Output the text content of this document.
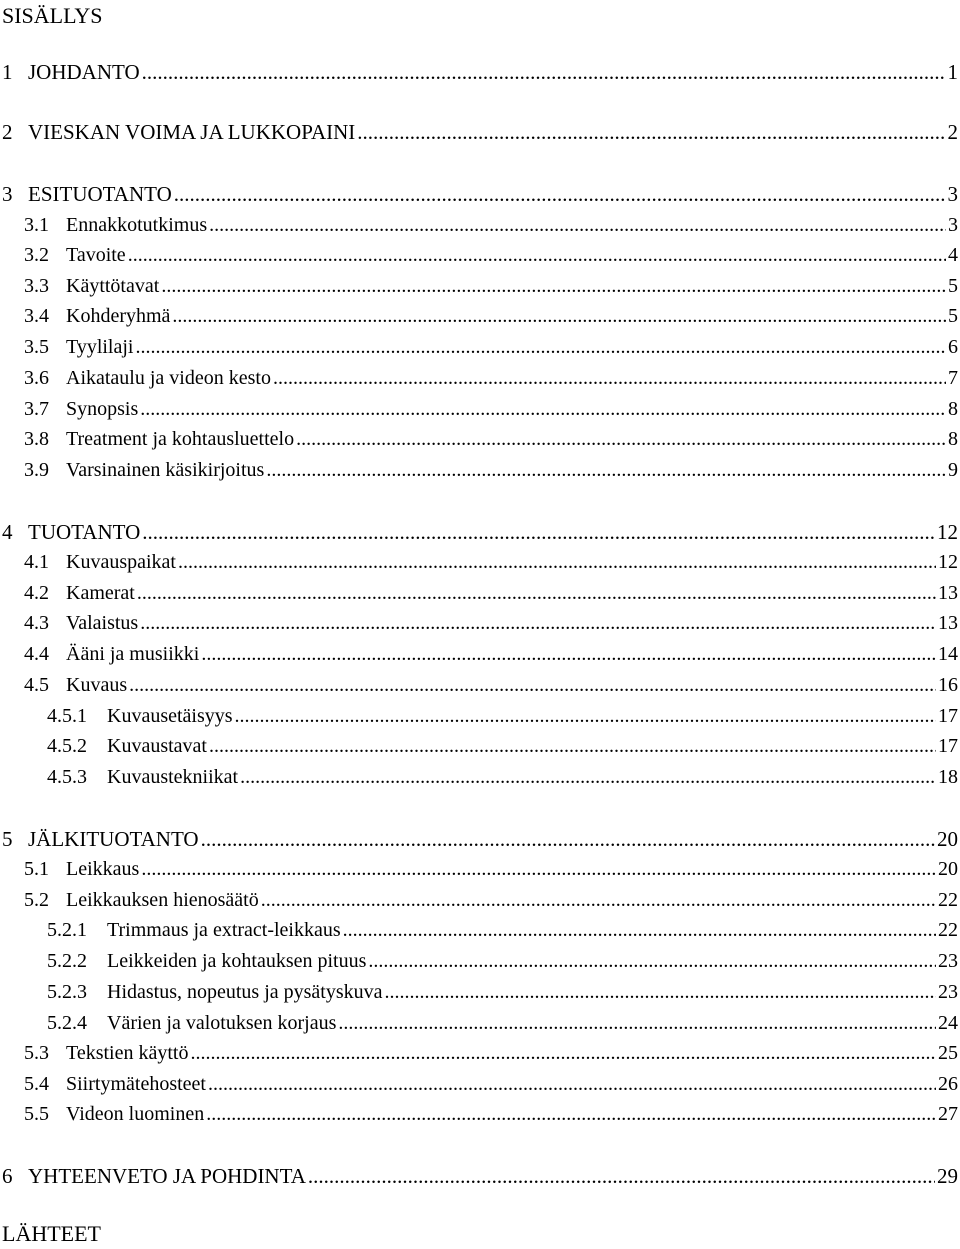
SISÄLLYS
1 JOHDANTO .....	1
2 VIESKAN VOIMA JA LUKKOPAINI .....	2
3 ESITUOTANTO .....	3
3.1 Ennakkotutkimus .....	3
3.2 Tavoite .....	4
3.3 Käyttötavat .....	5
3.4 Kohderyhmä .....	5
3.5 Tyylilaji .....	6
3.6 Aikataulu ja videon kesto .....	7
3.7 Synopsis .....	8
3.8 Treatment ja kohtausluettelo .....	8
3.9 Varsinainen käsikirjoitus .....	9
4 TUOTANTO .....	12
4.1 Kuvauspaikat .....	12
4.2 Kamerat .....	13
4.3 Valaistus .....	13
4.4 Ääni ja musiikki .....	14
4.5 Kuvaus .....	16
4.5.1	Kuvausetäisyys .....	17
4.5.2	Kuvaustavat .....	17
4.5.3	Kuvaustekniikat .....	18
5 JÄLKITUOTANTO .....	20
5.1 Leikkaus .....	20
5.2 Leikkauksen hienosäätö .....	22
5.2.1	Trimmaus ja extract-leikkaus .....	22
5.2.2	Leikkeiden ja kohtauksen pituus .....	23
5.2.3	Hidastus, nopeutus ja pysätyskuva .....	23
5.2.4	Värien ja valotuksen korjaus .....	24
5.3 Tekstien käyttö .....	25
5.4 Siirtymätehosteet .....	26
5.5 Videon luominen .....	27
6 YHTEENVETO JA POHDINTA .....	29
LÄHTEET
